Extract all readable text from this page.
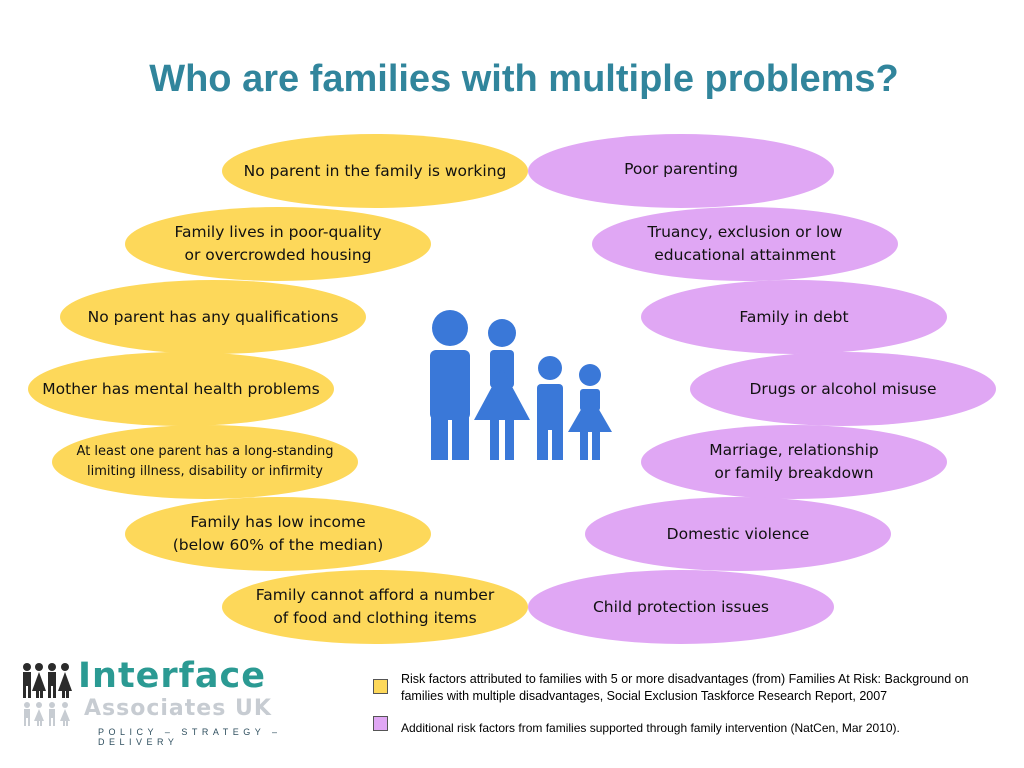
Who are families with multiple problems?
Poor parenting
Truancy, exclusion or low
educational attainment
Family in debt
Drugs or alcohol misuse
Marriage, relationship
or family breakdown
Domestic violence
Child protection issues
No parent in the family is working
Family lives in poor-quality
or overcrowded housing
No parent has any qualifications
Mother has mental health problems
At least one parent has a long-standing
limiting illness, disability or infirmity
Family has low income
(below 60% of the median)
Family cannot afford a number
of food and clothing items
Interface
Associates UK
POLICY – STRATEGY – DELIVERY
Risk factors attributed to families with 5 or more disadvantages (from) Families At Risk: Background on families with multiple disadvantages, Social Exclusion Taskforce Research Report, 2007
Additional risk factors from families supported through family intervention (NatCen, Mar 2010).
